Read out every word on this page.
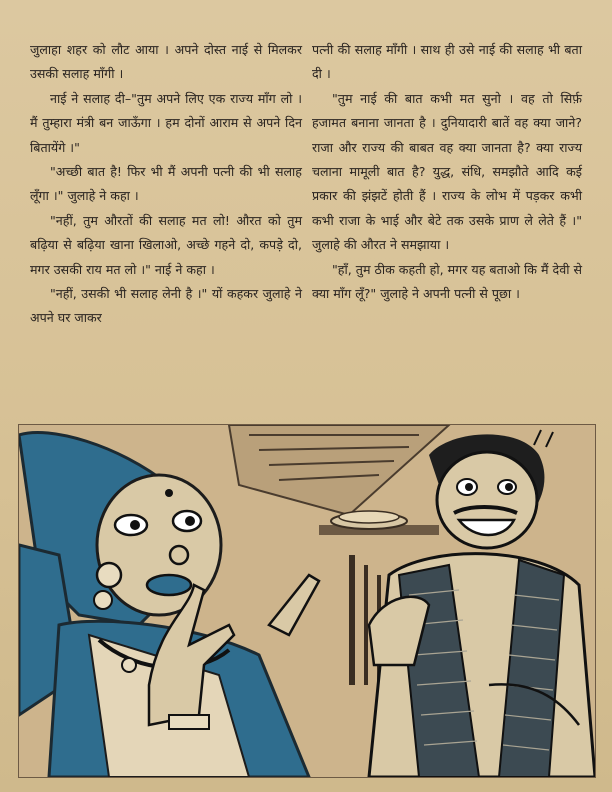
जुलाहा शहर को लौट आया । अपने दोस्त नाई से मिलकर उसकी सलाह माँगी ।

नाई ने सलाह दी–"तुम अपने लिए एक राज्य माँग लो । मैं तुम्हारा मंत्री बन जाऊँगा । हम दोनों आराम से अपने दिन बितायेंगे ।"

"अच्छी बात है! फिर भी मैं अपनी पत्नी की भी सलाह लूँगा ।" जुलाहे ने कहा ।

"नहीं, तुम औरतों की सलाह मत लो! औरत को तुम बढ़िया से बढ़िया खाना खिलाओ, अच्छे गहने दो, कपड़े दो, मगर उसकी राय मत लो ।" नाई ने कहा ।

"नहीं, उसकी भी सलाह लेनी है ।" यों कहकर जुलाहे ने अपने घर जाकर

पत्नी की सलाह माँगी । साथ ही उसे नाई की सलाह भी बता दी ।

"तुम नाई की बात कभी मत सुनो । वह तो सिर्फ़ हजामत बनाना जानता है । दुनियादारी बातें वह क्या जाने? राजा और राज्य की बाबत वह क्या जानता है? क्या राज्य चलाना मामूली बात है? युद्ध, संधि, समझौते आदि कई प्रकार की झंझटें होती हैं । राज्य के लोभ में पड़कर कभी कभी राजा के भाई और बेटे तक उसके प्राण ले लेते हैं ।" जुलाहे की औरत ने समझाया ।

"हाँ, तुम ठीक कहती हो, मगर यह बताओ कि मैं देवी से क्या माँग लूँ?" जुलाहे ने अपनी पत्नी से पूछा ।
